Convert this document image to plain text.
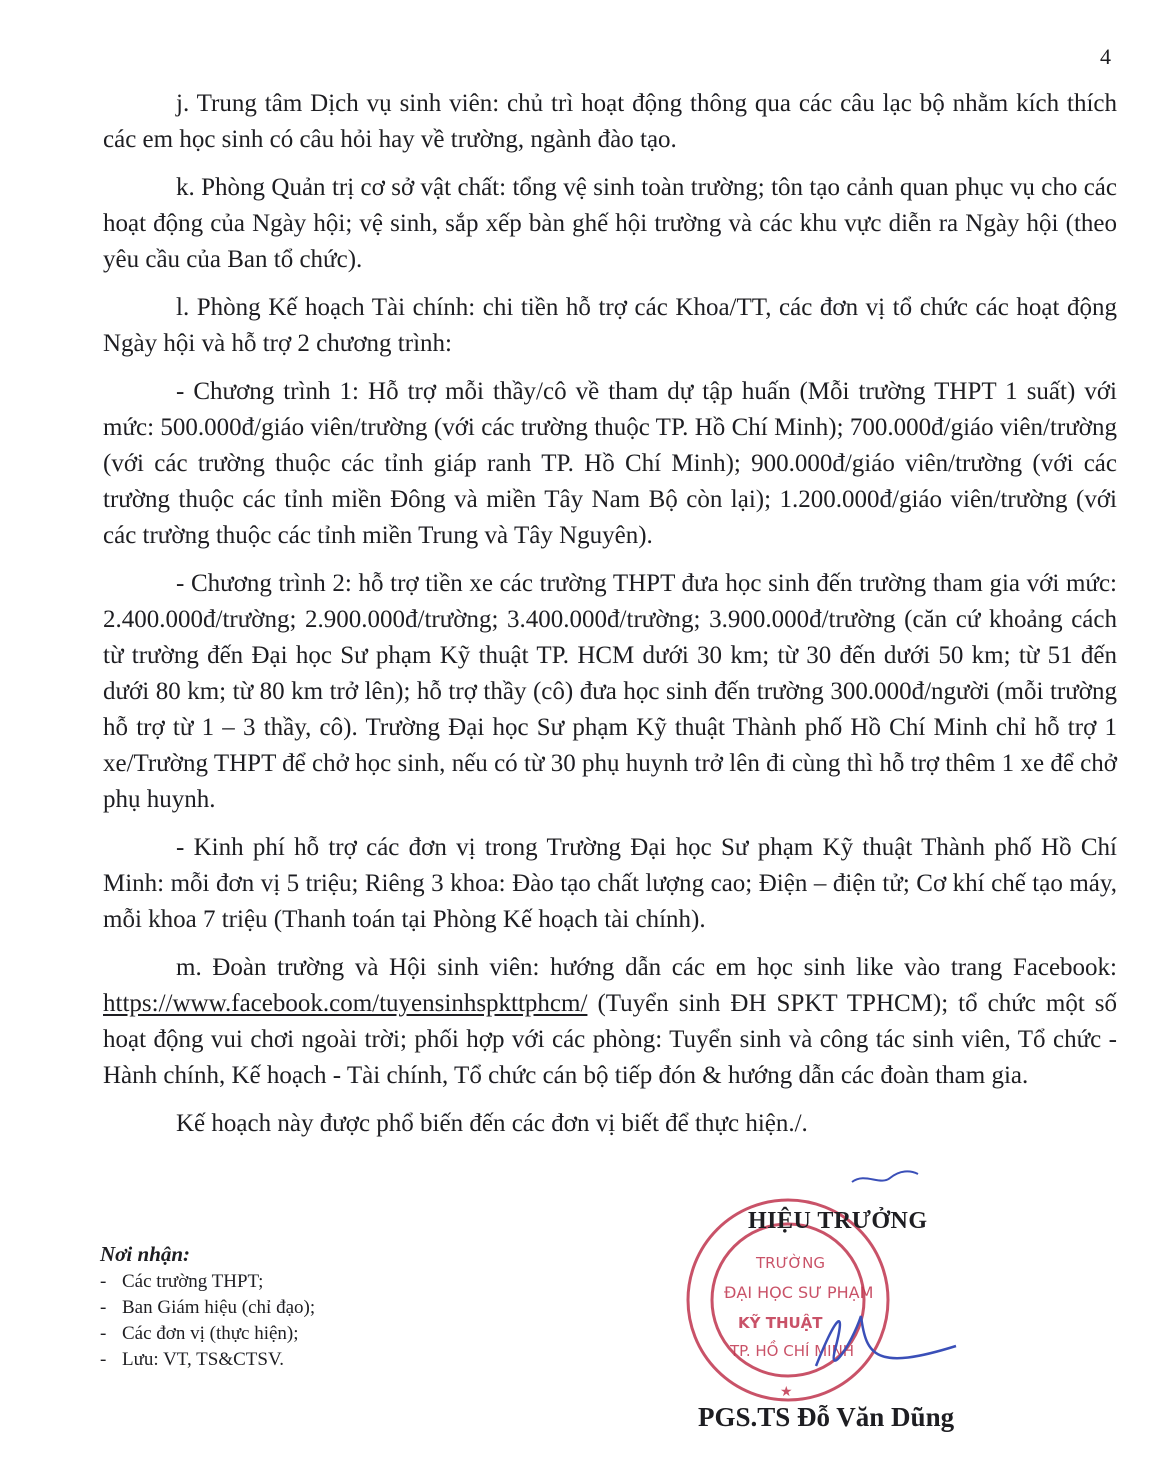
4

j. Trung tâm Dịch vụ sinh viên: chủ trì hoạt động thông qua các câu lạc bộ nhằm kích thích các em học sinh có câu hỏi hay về trường, ngành đào tạo.

k. Phòng Quản trị cơ sở vật chất: tổng vệ sinh toàn trường; tôn tạo cảnh quan phục vụ cho các hoạt động của Ngày hội; vệ sinh, sắp xếp bàn ghế hội trường và các khu vực diễn ra Ngày hội (theo yêu cầu của Ban tổ chức).

l. Phòng Kế hoạch Tài chính: chi tiền hỗ trợ các Khoa/TT, các đơn vị tổ chức các hoạt động Ngày hội và hỗ trợ 2 chương trình:

- Chương trình 1: Hỗ trợ mỗi thầy/cô về tham dự tập huấn (Mỗi trường THPT 1 suất) với mức: 500.000đ/giáo viên/trường (với các trường thuộc TP. Hồ Chí Minh); 700.000đ/giáo viên/trường (với các trường thuộc các tỉnh giáp ranh TP. Hồ Chí Minh); 900.000đ/giáo viên/trường (với các trường thuộc các tỉnh miền Đông và miền Tây Nam Bộ còn lại); 1.200.000đ/giáo viên/trường (với các trường thuộc các tỉnh miền Trung và Tây Nguyên).

- Chương trình 2: hỗ trợ tiền xe các trường THPT đưa học sinh đến trường tham gia với mức: 2.400.000đ/trường; 2.900.000đ/trường; 3.400.000đ/trường; 3.900.000đ/trường (căn cứ khoảng cách từ trường đến Đại học Sư phạm Kỹ thuật TP. HCM dưới 30 km; từ 30 đến dưới 50 km; từ 51 đến dưới 80 km; từ 80 km trở lên); hỗ trợ thầy (cô) đưa học sinh đến trường 300.000đ/người (mỗi trường hỗ trợ từ 1 – 3 thầy, cô). Trường Đại học Sư phạm Kỹ thuật Thành phố Hồ Chí Minh chỉ hỗ trợ 1 xe/Trường THPT để chở học sinh, nếu có từ 30 phụ huynh trở lên đi cùng thì hỗ trợ thêm 1 xe để chở phụ huynh.

- Kinh phí hỗ trợ các đơn vị trong Trường Đại học Sư phạm Kỹ thuật Thành phố Hồ Chí Minh: mỗi đơn vị 5 triệu; Riêng 3 khoa: Đào tạo chất lượng cao; Điện – điện tử; Cơ khí chế tạo máy, mỗi khoa 7 triệu (Thanh toán tại Phòng Kế hoạch tài chính).

m. Đoàn trường và Hội sinh viên: hướng dẫn các em học sinh like vào trang Facebook: https://www.facebook.com/tuyensinhspkttphcm/ (Tuyển sinh ĐH SPKT TPHCM); tổ chức một số hoạt động vui chơi ngoài trời; phối hợp với các phòng: Tuyển sinh và công tác sinh viên, Tổ chức - Hành chính, Kế hoạch - Tài chính, Tổ chức cán bộ tiếp đón & hướng dẫn các đoàn tham gia.

Kế hoạch này được phổ biến đến các đơn vị biết để thực hiện./.

Nơi nhận:
- Các trường THPT;
- Ban Giám hiệu (chỉ đạo);
- Các đơn vị (thực hiện);
- Lưu: VT, TS&CTSV.
TRƯỜNG
ĐẠI HỌC SƯ PHẠM
KỸ THUẬT
TP. HỒ CHÍ MINH
★
HIỆU TRƯỞNG
PGS.TS Đỗ Văn Dũng
